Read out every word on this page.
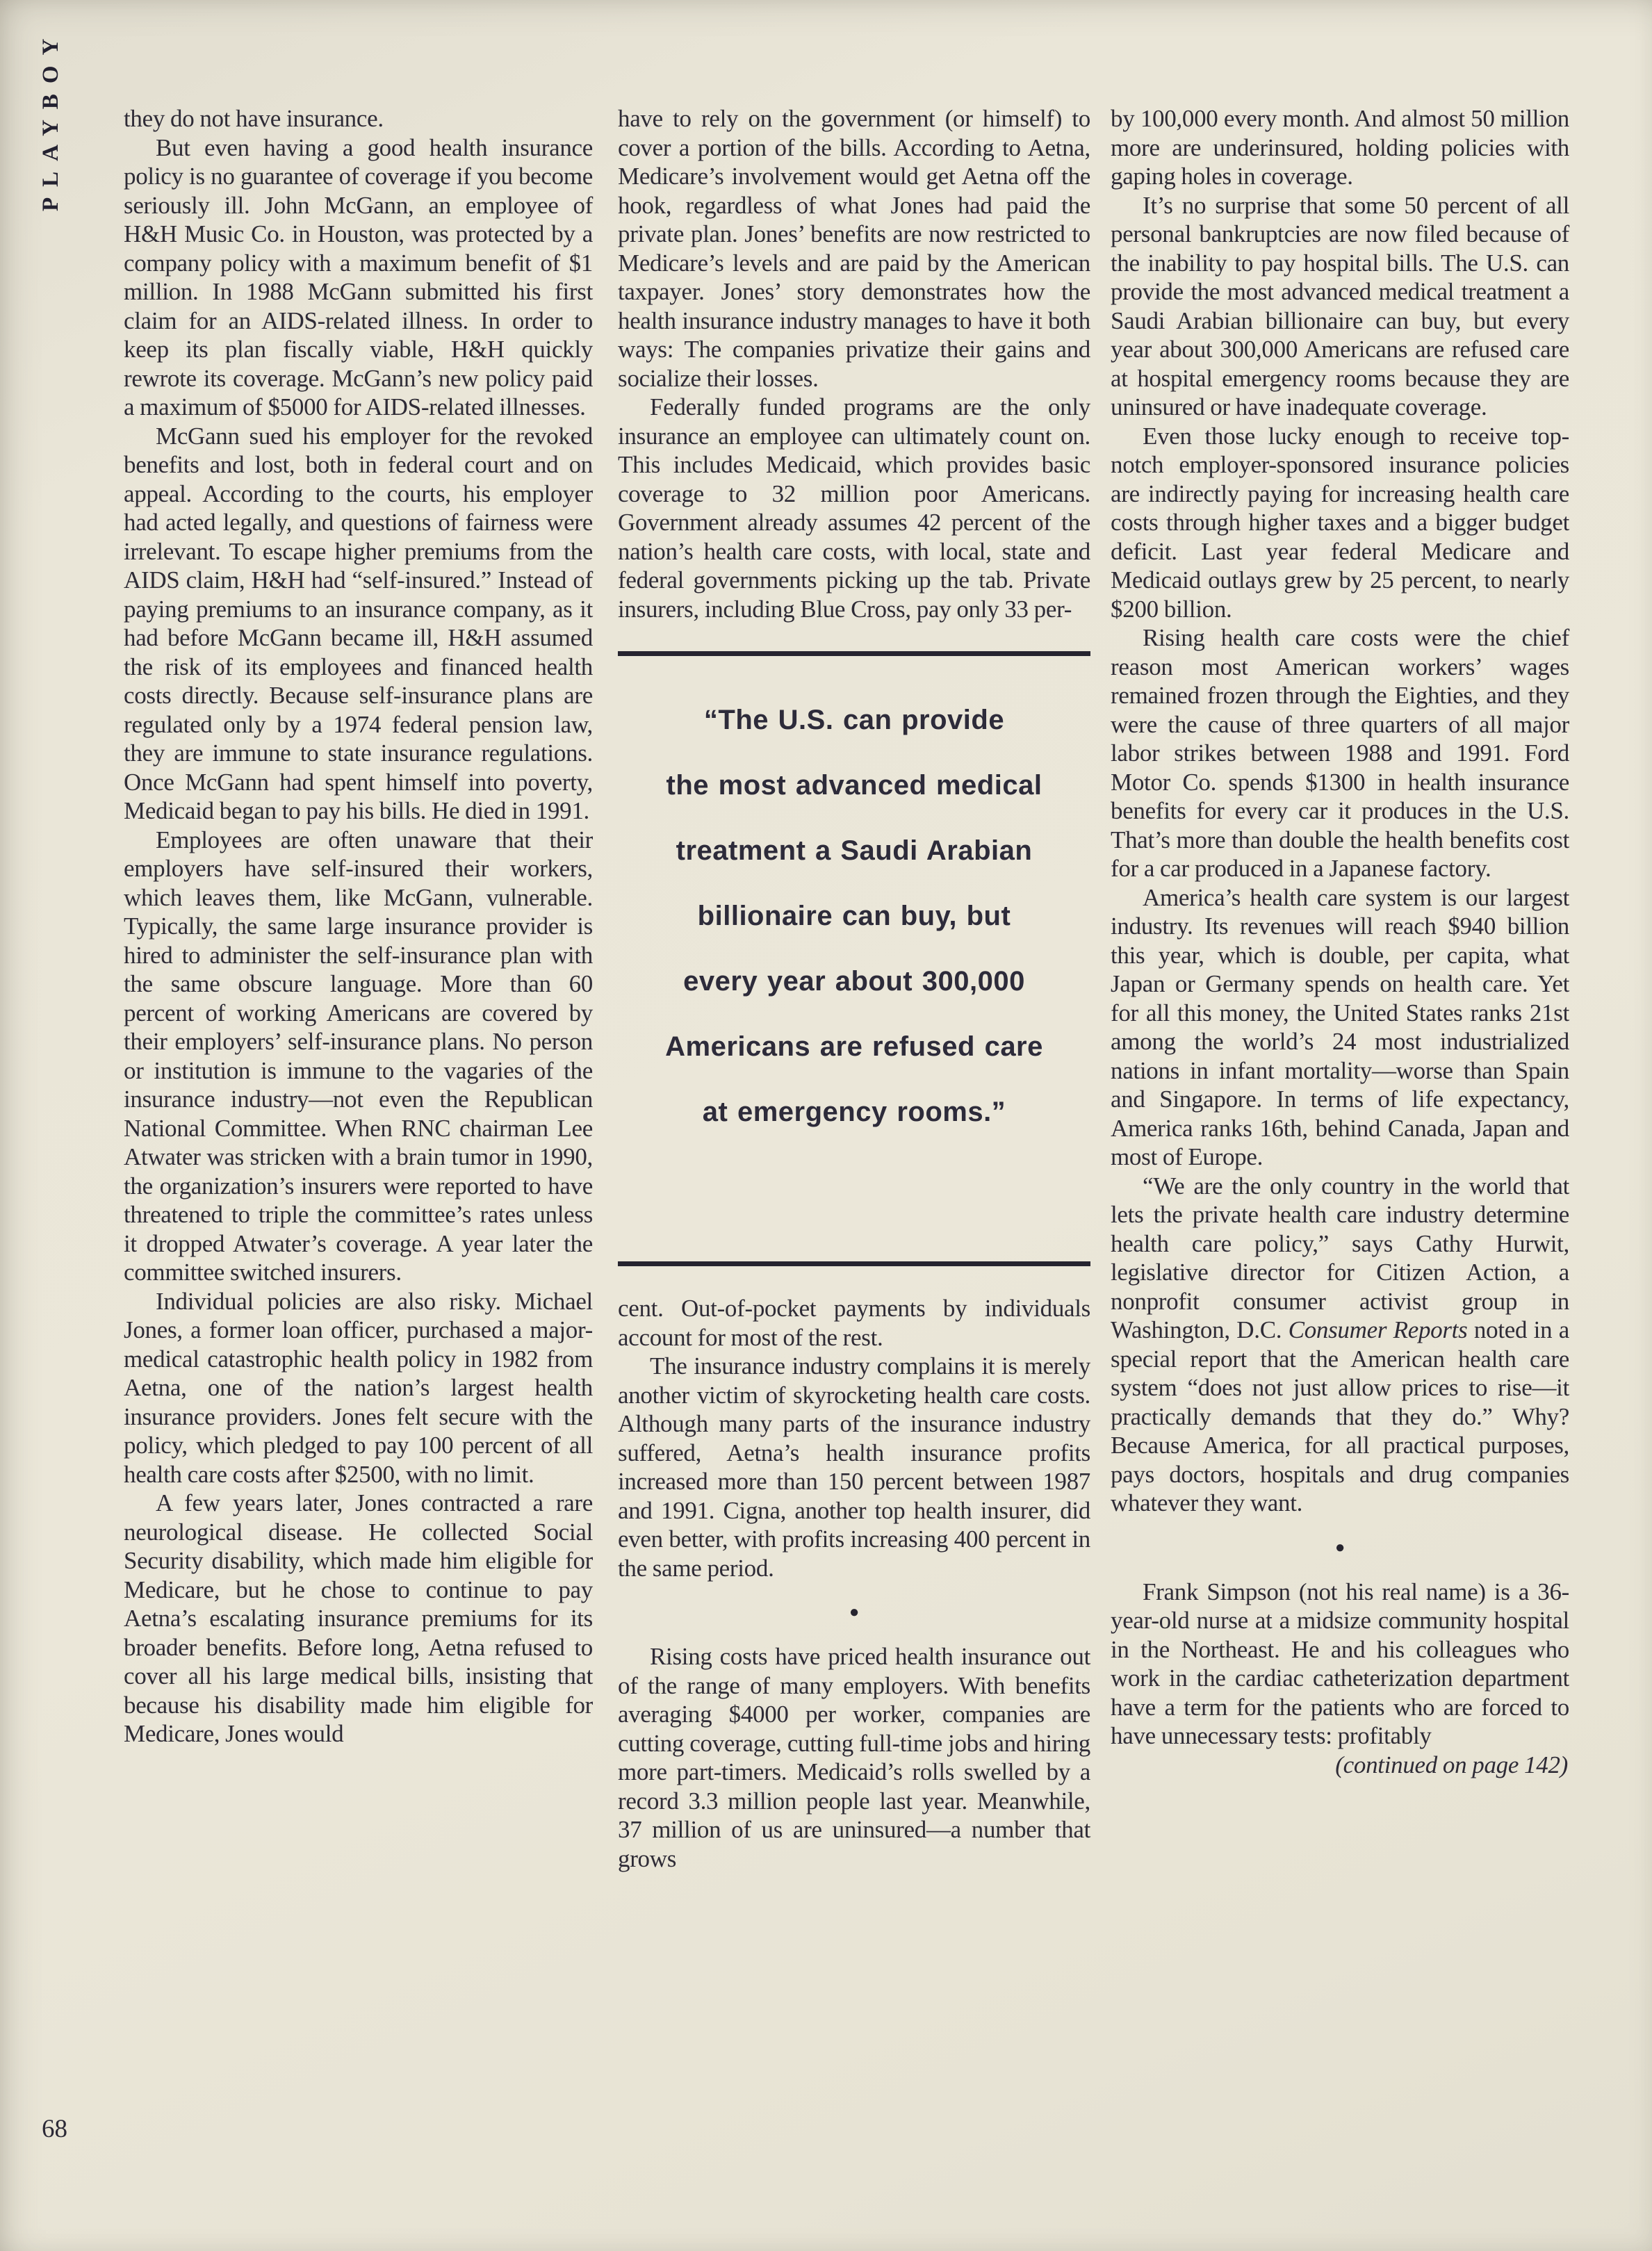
PLAYBOY they do not have insurance.

But even having a good health insurance policy is no guarantee of coverage if you become seriously ill. John McGann, an employee of H&H Music Co. in Houston, was protected by a company policy with a maximum benefit of $1 million. In 1988 McGann submitted his first claim for an AIDS-related illness. In order to keep its plan fiscally viable, H&H quickly rewrote its coverage. McGann’s new policy paid a maximum of $5000 for AIDS-related illnesses.

McGann sued his employer for the revoked benefits and lost, both in federal court and on appeal. According to the courts, his employer had acted legally, and questions of fairness were irrelevant. To escape higher premiums from the AIDS claim, H&H had “self-insured.” Instead of paying premiums to an insurance company, as it had before McGann became ill, H&H assumed the risk of its employees and financed health costs directly. Because self-insurance plans are regulated only by a 1974 federal pension law, they are immune to state insurance regulations. Once McGann had spent himself into poverty, Medicaid began to pay his bills. He died in 1991.

Employees are often unaware that their employers have self-insured their workers, which leaves them, like McGann, vulnerable. Typically, the same large insurance provider is hired to administer the self-insurance plan with the same obscure language. More than 60 percent of working Americans are covered by their employers’ self-insurance plans. No person or institution is immune to the vagaries of the insurance industry—not even the Republican National Committee. When RNC chairman Lee Atwater was stricken with a brain tumor in 1990, the organization’s insurers were reported to have threatened to triple the committee’s rates unless it dropped Atwater’s coverage. A year later the committee switched insurers.

Individual policies are also risky. Michael Jones, a former loan officer, purchased a major-medical catastrophic health policy in 1982 from Aetna, one of the nation’s largest health insurance providers. Jones felt secure with the policy, which pledged to pay 100 percent of all health care costs after $2500, with no limit.

A few years later, Jones contracted a rare neurological disease. He collected Social Security disability, which made him eligible for Medicare, but he chose to continue to pay Aetna’s escalating insurance premiums for its broader benefits. Before long, Aetna refused to cover all his large medical bills, insisting that because his disability made him eligible for Medicare, Jones would

have to rely on the government (or himself) to cover a portion of the bills. According to Aetna, Medicare’s involvement would get Aetna off the hook, regardless of what Jones had paid the private plan. Jones’ benefits are now restricted to Medicare’s levels and are paid by the American taxpayer. Jones’ story demonstrates how the health insurance industry manages to have it both ways: The companies privatize their gains and socialize their losses.

Federally funded programs are the only insurance an employee can ultimately count on. This includes Medicaid, which provides basic coverage to 32 million poor Americans. Government already assumes 42 percent of the nation’s health care costs, with local, state and federal governments picking up the tab. Private insurers, including Blue Cross, pay only 33 per-

“The U.S. can provide
the most advanced medical
treatment a Saudi Arabian
billionaire can buy, but
every year about 300,000
Americans are refused care
at emergency rooms.”

cent. Out-of-pocket payments by individuals account for most of the rest.

The insurance industry complains it is merely another victim of skyrocketing health care costs. Although many parts of the insurance industry suffered, Aetna’s health insurance profits increased more than 150 percent between 1987 and 1991. Cigna, another top health insurer, did even better, with profits increasing 400 percent in the same period.

●

Rising costs have priced health insurance out of the range of many employers. With benefits averaging $4000 per worker, companies are cutting coverage, cutting full-time jobs and hiring more part-timers. Medicaid’s rolls swelled by a record 3.3 million people last year. Meanwhile, 37 million of us are uninsured—a number that grows

by 100,000 every month. And almost 50 million more are underinsured, holding policies with gaping holes in coverage.

It’s no surprise that some 50 percent of all personal bankruptcies are now filed because of the inability to pay hospital bills. The U.S. can provide the most advanced medical treatment a Saudi Arabian billionaire can buy, but every year about 300,000 Americans are refused care at hospital emergency rooms because they are uninsured or have inadequate coverage.

Even those lucky enough to receive top-notch employer-sponsored insurance policies are indirectly paying for increasing health care costs through higher taxes and a bigger budget deficit. Last year federal Medicare and Medicaid outlays grew by 25 percent, to nearly $200 billion.

Rising health care costs were the chief reason most American workers’ wages remained frozen through the Eighties, and they were the cause of three quarters of all major labor strikes between 1988 and 1991. Ford Motor Co. spends $1300 in health insurance benefits for every car it produces in the U.S. That’s more than double the health benefits cost for a car produced in a Japanese factory.

America’s health care system is our largest industry. Its revenues will reach $940 billion this year, which is double, per capita, what Japan or Germany spends on health care. Yet for all this money, the United States ranks 21st among the world’s 24 most industrialized nations in infant mortality—worse than Spain and Singapore. In terms of life expectancy, America ranks 16th, behind Canada, Japan and most of Europe.

“We are the only country in the world that lets the private health care industry determine health care policy,” says Cathy Hurwit, legislative director for Citizen Action, a nonprofit consumer activist group in Washington, D.C. Consumer Reports noted in a special report that the American health care system “does not just allow prices to rise—it practically demands that they do.” Why? Because America, for all practical purposes, pays doctors, hospitals and drug companies whatever they want.

●

Frank Simpson (not his real name) is a 36-year-old nurse at a midsize community hospital in the Northeast. He and his colleagues who work in the cardiac catheterization department have a term for the patients who are forced to have unnecessary tests: profitably

(continued on page 142)

68
